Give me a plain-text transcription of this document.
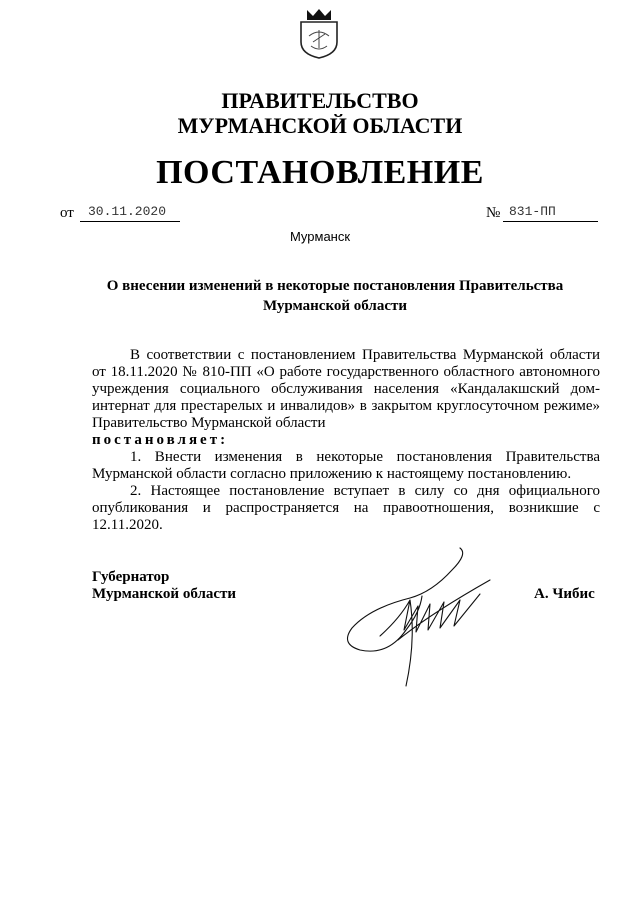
ПРАВИТЕЛЬСТВО
МУРМАНСКОЙ ОБЛАСТИ
ПОСТАНОВЛЕНИЕ
от 30.11.2020	№ 831-ПП
Мурманск
О внесении изменений в некоторые постановления Правительства
Мурманской области

В соответствии с постановлением Правительства Мурманской области от 18.11.2020 № 810-ПП «О работе государственного областного автономного учреждения социального обслуживания населения «Кандалакшский дом-интернат для престарелых и инвалидов» в закрытом круглосуточном режиме» Правительство Мурманской области

постановляет:

1. Внести изменения в некоторые постановления Правительства Мурманской области согласно приложению к настоящему постановлению.

2. Настоящее постановление вступает в силу со дня официального опубликования и распространяется на правоотношения, возникшие с 12.11.2020.

Губернатор
Мурманской области	А. Чибис
